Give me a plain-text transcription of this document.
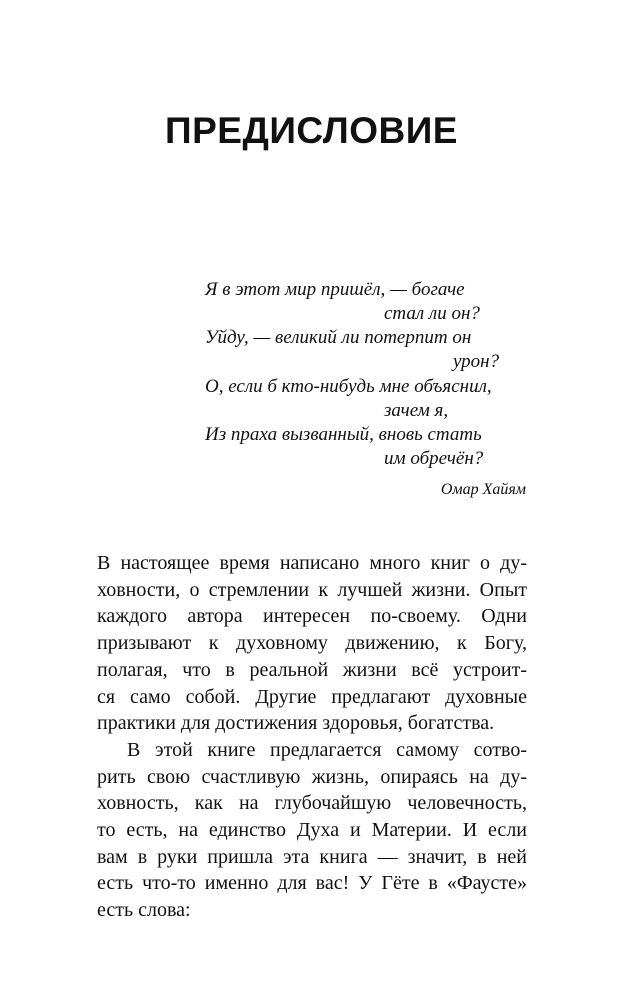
ПРЕДИСЛОВИЕ
Я в этот мир пришёл, — богаче
стал ли он?
Уйду, — великий ли потерпит он
урон?
О, если б кто-нибудь мне объяснил,
зачем я,
Из праха вызванный, вновь стать
им обречён?
Омар Хайям

В настоящее время написано много книг о ду-
ховности, о стремлении к лучшей жизни. Опыт
каждого автора интересен по-своему. Одни
призывают к духовному движению, к Богу,
полагая, что в реальной жизни всё устроит-
ся само собой. Другие предлагают духовные
практики для достижения здоровья, богатства.

В этой книге предлагается самому сотво-
рить свою счастливую жизнь, опираясь на ду-
ховность, как на глубочайшую человечность,
то есть, на единство Духа и Материи. И если
вам в руки пришла эта книга — значит, в ней
есть что-то именно для вас! У Гёте в «Фаусте»
есть слова:
